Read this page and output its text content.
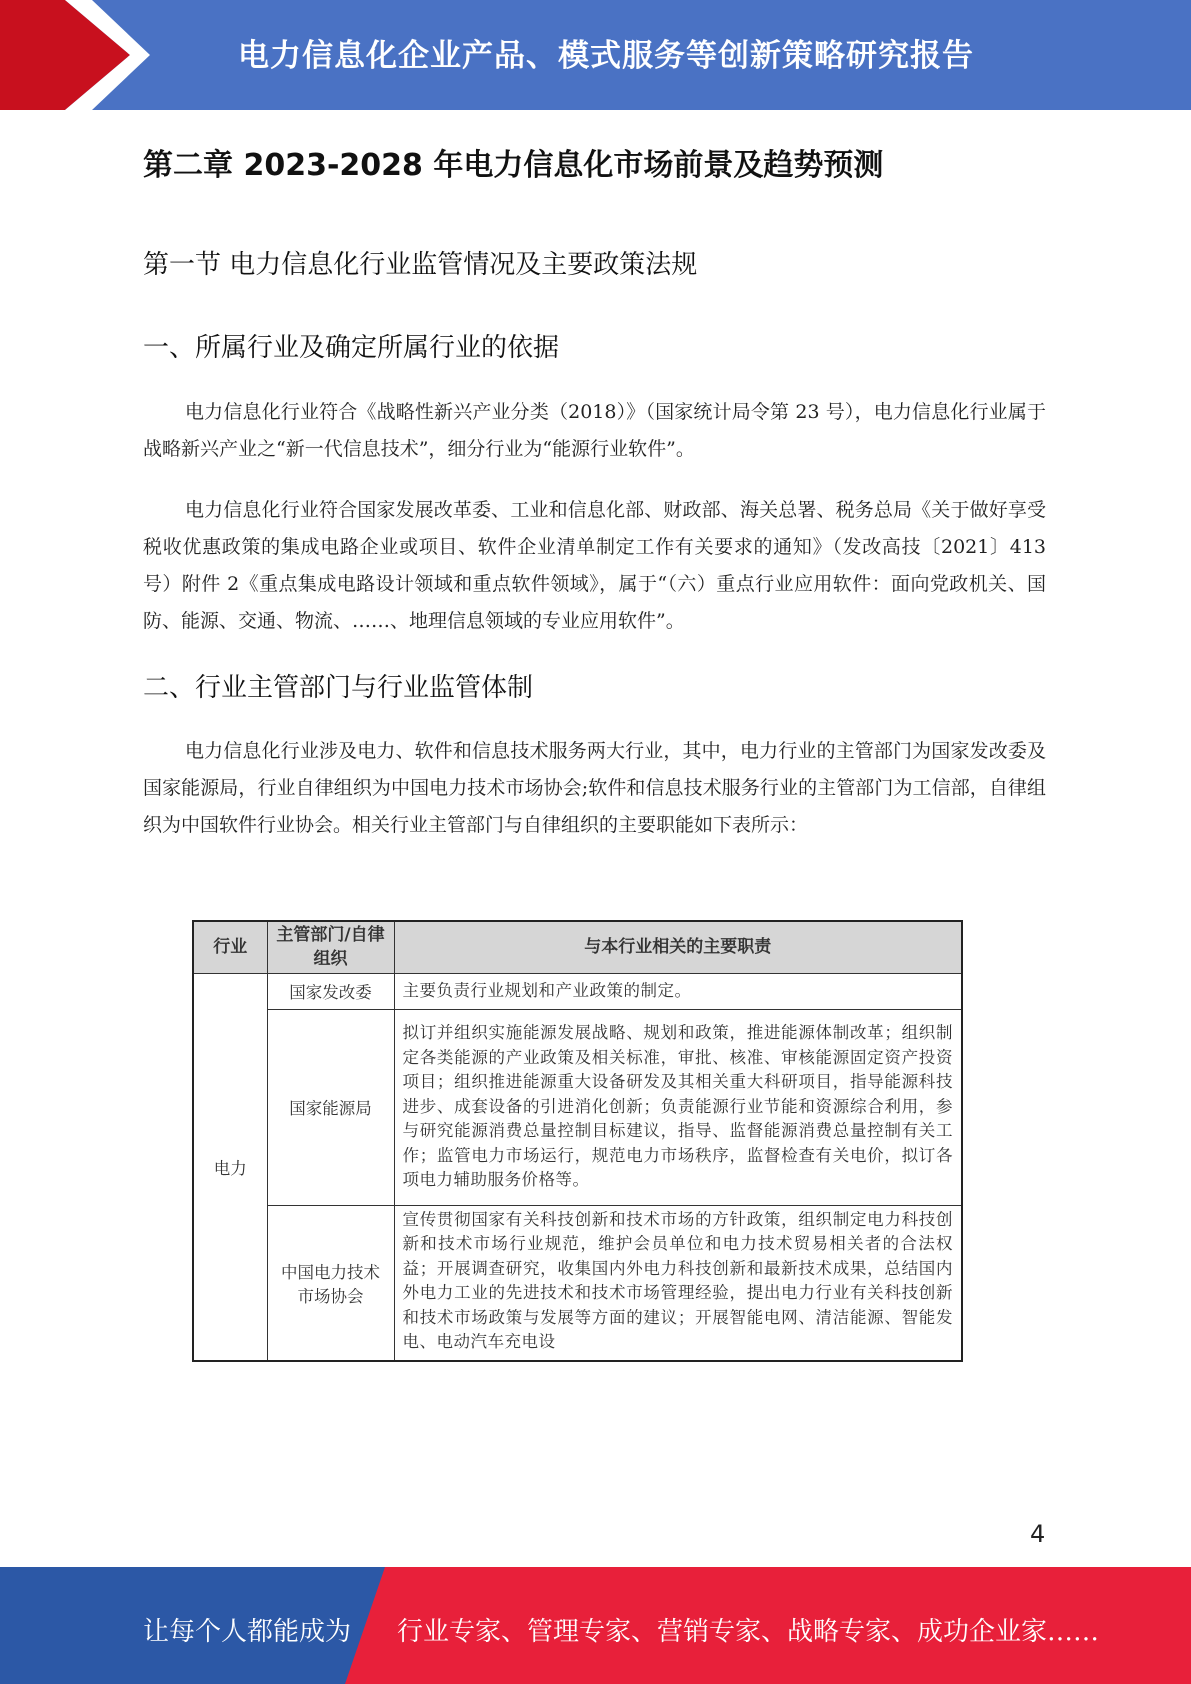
电力信息化企业产品、模式服务等创新策略研究报告
第二章 2023-2028 年电力信息化市场前景及趋势预测
第一节 电力信息化行业监管情况及主要政策法规
一、所属行业及确定所属行业的依据
电力信息化行业符合《战略性新兴产业分类（2018）》（国家统计局令第 23 号），电力信息化行业属于战略新兴产业之“新一代信息技术”，细分行业为“能源行业软件”。
电力信息化行业符合国家发展改革委、工业和信息化部、财政部、海关总署、税务总局《关于做好享受税收优惠政策的集成电路企业或项目、软件企业清单制定工作有关要求的通知》（发改高技〔2021〕413 号）附件 2《重点集成电路设计领域和重点软件领域》，属于“（六）重点行业应用软件：面向党政机关、国防、能源、交通、物流、……、地理信息领域的专业应用软件”。
二、行业主管部门与行业监管体制
电力信息化行业涉及电力、软件和信息技术服务两大行业，其中，电力行业的主管部门为国家发改委及国家能源局，行业自律组织为中国电力技术市场协会;软件和信息技术服务行业的主管部门为工信部，自律组织为中国软件行业协会。相关行业主管部门与自律组织的主要职能如下表所示：
行业	主管部门/自律组织	与本行业相关的主要职责
电力	国家发改委	主要负责行业规划和产业政策的制定。
	国家能源局	拟订并组织实施能源发展战略、规划和政策，推进能源体制改革；组织制定各类能源的产业政策及相关标准，审批、核准、审核能源固定资产投资项目；组织推进能源重大设备研发及其相关重大科研项目，指导能源科技进步、成套设备的引进消化创新；负责能源行业节能和资源综合利用，参与研究能源消费总量控制目标建议，指导、监督能源消费总量控制有关工作；监管电力市场运行，规范电力市场秩序，监督检查有关电价，拟订各项电力辅助服务价格等。
	中国电力技术市场协会	宣传贯彻国家有关科技创新和技术市场的方针政策，组织制定电力科技创新和技术市场行业规范，维护会员单位和电力技术贸易相关者的合法权益；开展调查研究，收集国内外电力科技创新和最新技术成果，总结国内外电力工业的先进技术和技术市场管理经验，提出电力行业有关科技创新和技术市场政策与发展等方面的建议；开展智能电网、清洁能源、智能发电、电动汽车充电设
4
让每个人都能成为 行业专家、管理专家、营销专家、战略专家、成功企业家……
